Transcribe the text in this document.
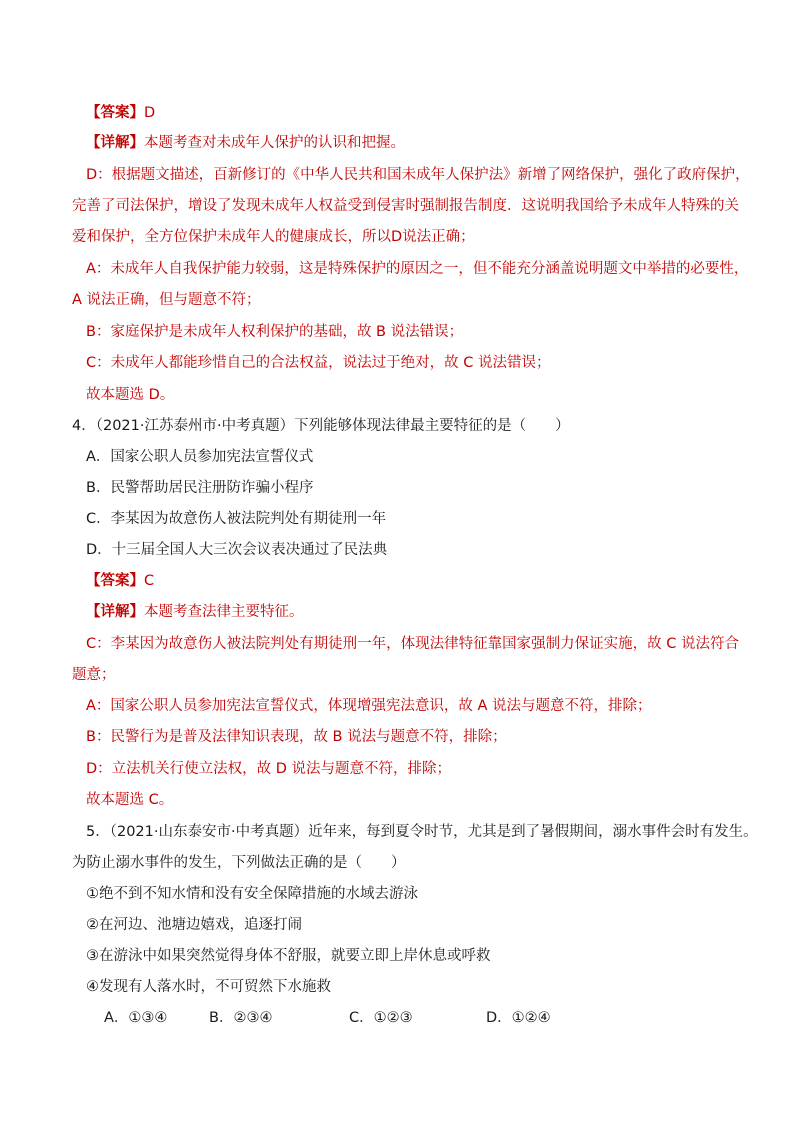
【答案】D
【详解】本题考查对未成年人保护的认识和把握。
D：根据题文描述，百新修订的《中华人民共和国未成年人保护法》新增了网络保护，强化了政府保护，
完善了司法保护，增设了发现未成年人权益受到侵害时强制报告制度．这说明我国给予未成年人特殊的关
爱和保护，全方位保护未成年人的健康成长，所以D说法正确；
A：未成年人自我保护能力较弱，这是特殊保护的原因之一，但不能充分涵盖说明题文中举措的必要性，
A 说法正确，但与题意不符；
B：家庭保护是未成年人权利保护的基础，故 B 说法错误；
C：未成年人都能珍惜自己的合法权益，说法过于绝对，故 C 说法错误；
故本题选 D。
4．（2021·江苏泰州市·中考真题）下列能够体现法律最主要特征的是（　　）
A．国家公职人员参加宪法宣誓仪式
B．民警帮助居民注册防诈骗小程序
C．李某因为故意伤人被法院判处有期徒刑一年
D．十三届全国人大三次会议表决通过了民法典
【答案】C
【详解】本题考查法律主要特征。
C：李某因为故意伤人被法院判处有期徒刑一年，体现法律特征靠国家强制力保证实施，故 C 说法符合
题意；
A：国家公职人员参加宪法宣誓仪式，体现增强宪法意识，故 A 说法与题意不符，排除；
B：民警行为是普及法律知识表现，故 B 说法与题意不符，排除；
D：立法机关行使立法权，故 D 说法与题意不符，排除；
故本题选 C。
5．（2021·山东泰安市·中考真题）近年来，每到夏令时节，尤其是到了暑假期间，溺水事件会时有发生。
为防止溺水事件的发生，下列做法正确的是（　　）
①绝不到不知水情和没有安全保障措施的水域去游泳
②在河边、池塘边嬉戏，追逐打闹
③在游泳中如果突然觉得身体不舒服，就要立即上岸休息或呼救
④发现有人落水时，不可贸然下水施救
A．①③④	B．②③④	C．①②③	D．①②④
